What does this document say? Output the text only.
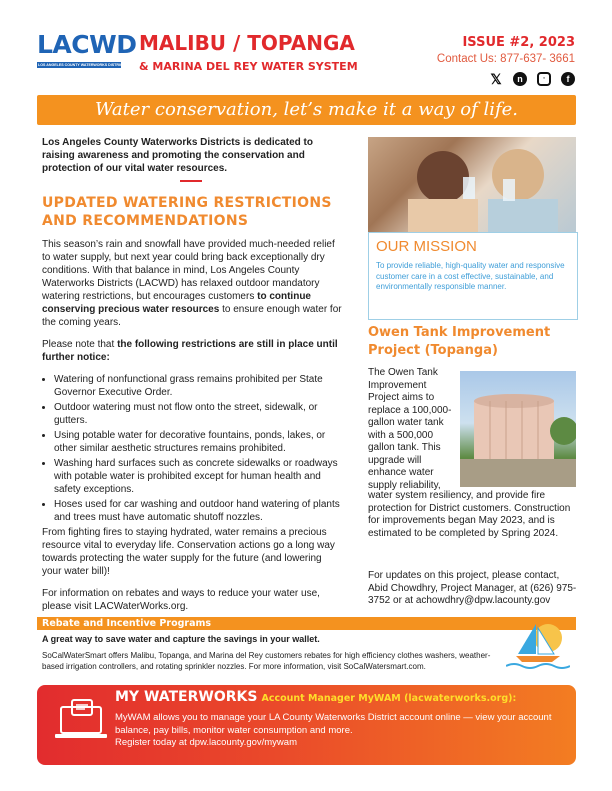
LACWD
LOS ANGELES COUNTY WATERWORKS DISTRICTS
MALIBU / TOPANGA
& MARINA DEL REY WATER SYSTEM
ISSUE #2, 2023
Contact Us: 877-637- 3661
𝕏	n	◦	f
Water conservation, let’s make it a way of life.
Los Angeles County Waterworks Districts is dedicated to raising awareness and promoting the conservation and protection of our vital water resources.
UPDATED WATERING RESTRICTIONS AND RECOMMENDATIONS

This season’s rain and snowfall have provided much-needed relief to water supply, but next year could bring back exceptionally dry conditions. With that balance in mind, Los Angeles County Waterworks Districts (LACWD) has relaxed outdoor mandatory watering restrictions, but encourages customers to continue conserving precious water resources to ensure enough water for the coming years.

Please note that the following restrictions are still in place until further notice:

• Watering of nonfunctional grass remains prohibited per State Governor Executive Order.
• Outdoor watering must not flow onto the street, sidewalk, or gutters.
• Using potable water for decorative fountains, ponds, lakes, or other similar aesthetic structures remains prohibited.
• Washing hard surfaces such as concrete sidewalks or roadways with potable water is prohibited except for human health and safety exceptions.
• Hoses used for car washing and outdoor hand watering of plants and trees must have automatic shutoff nozzles.

From fighting fires to staying hydrated, water remains a precious resource vital to everyday life. Conservation actions go a long way towards protecting the water supply for the future (and lowering your water bill)!

For information on rebates and ways to reduce your water use, please visit LACWaterWorks.org.

OUR MISSION
To provide reliable, high-quality water and responsive customer care in a cost effective, sustainable, and environmentally responsible manner.
Owen Tank Improvement Project (Topanga)
The Owen Tank Improvement Project aims to replace a 100,000-gallon water tank with a 500,000 gallon tank. This upgrade will enhance water supply reliability,
water system resiliency, and provide fire protection for District customers. Construction for improvements began May 2023, and is estimated to be completed by Spring 2024.
For updates on this project, please contact, Abid Chowdhry, Project Manager, at (626) 975-3752 or at achowdhry@dpw.lacounty.gov
Rebate and Incentive Programs
A great way to save water and capture the savings in your wallet.
SoCalWaterSmart offers Malibu, Topanga, and Marina del Rey customers rebates for high efficiency clothes washers, weather-based irrigation controllers, and rotating sprinkler nozzles. For more information, visit SoCalWatersmart.com.
MY WATERWORKS Account Manager MyWAM (lacwaterworks.org):
MyWAM allows you to manage your LA County Waterworks District account online — view your account balance, pay bills, monitor water consumption and more.
Register today at dpw.lacounty.gov/mywam
